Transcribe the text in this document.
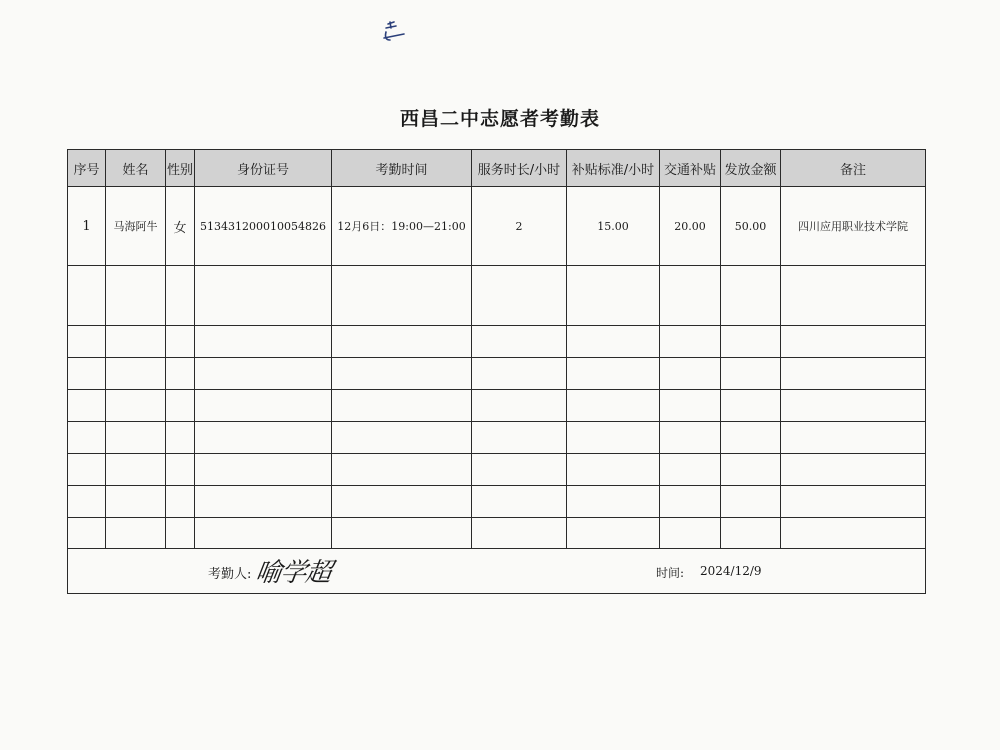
西昌二中志愿者考勤表
序号	姓名	性别	身份证号	考勤时间	服务时长/小时	补贴标准/小时	交通补贴	发放金额	备注
1	马海阿牛	女	513431200010054826	12月6日：19:00—21:00	2	15.00	20.00	50.00	四川应用职业技术学院

考勤人: 喻学超 时间: 2024/12/9									
